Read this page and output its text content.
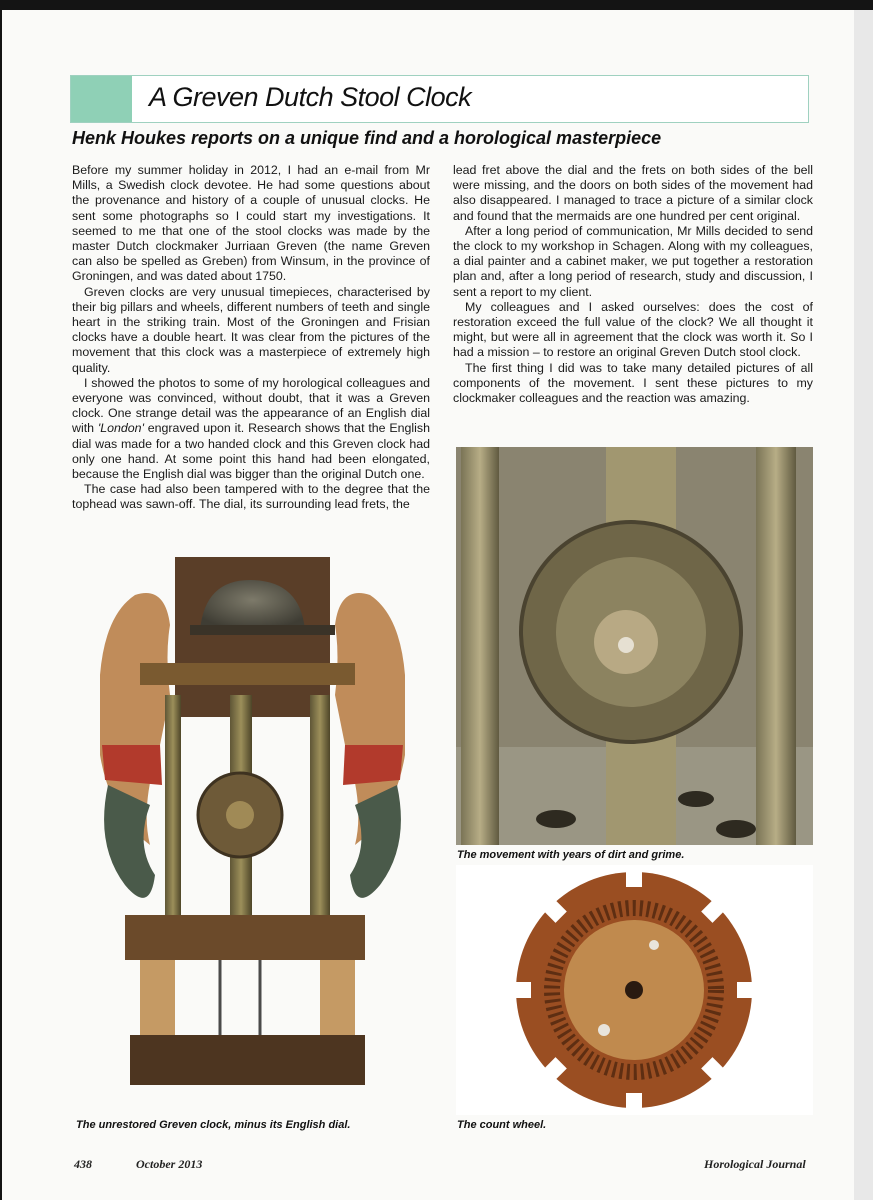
A Greven Dutch Stool Clock
Henk Houkes reports on a unique find and a horological masterpiece

Before my summer holiday in 2012, I had an e-mail from Mr Mills, a Swedish clock devotee. He had some questions about the provenance and history of a couple of unusual clocks. He sent some photographs so I could start my investigations. It seemed to me that one of the stool clocks was made by the master Dutch clockmaker Jurriaan Greven (the name Greven can also be spelled as Greben) from Winsum, in the province of Groningen, and was dated about 1750.

Greven clocks are very unusual timepieces, characterised by their big pillars and wheels, different numbers of teeth and single heart in the striking train. Most of the Groningen and Frisian clocks have a double heart. It was clear from the pictures of the movement that this clock was a masterpiece of extremely high quality.

I showed the photos to some of my horological colleagues and everyone was convinced, without doubt, that it was a Greven clock. One strange detail was the appearance of an English dial with 'London' engraved upon it. Research shows that the English dial was made for a two handed clock and this Greven clock had only one hand. At some point this hand had been elongated, because the English dial was bigger than the original Dutch one.

The case had also been tampered with to the degree that the tophead was sawn-off. The dial, its surrounding lead frets, the

lead fret above the dial and the frets on both sides of the bell were missing, and the doors on both sides of the movement had also disappeared. I managed to trace a picture of a similar clock and found that the mermaids are one hundred per cent original.

After a long period of communication, Mr Mills decided to send the clock to my workshop in Schagen. Along with my colleagues, a dial painter and a cabinet maker, we put together a restoration plan and, after a long period of research, study and discussion, I sent a report to my client.

My colleagues and I asked ourselves: does the cost of restoration exceed the full value of the clock? We all thought it might, but were all in agreement that the clock was worth it. So I had a mission – to restore an original Greven Dutch stool clock.

The first thing I did was to take many detailed pictures of all components of the movement. I sent these pictures to my clockmaker colleagues and the reaction was amazing.

The unrestored Greven clock, minus its English dial.
The movement with years of dirt and grime.
The count wheel.
438	October 2013	Horological Journal
